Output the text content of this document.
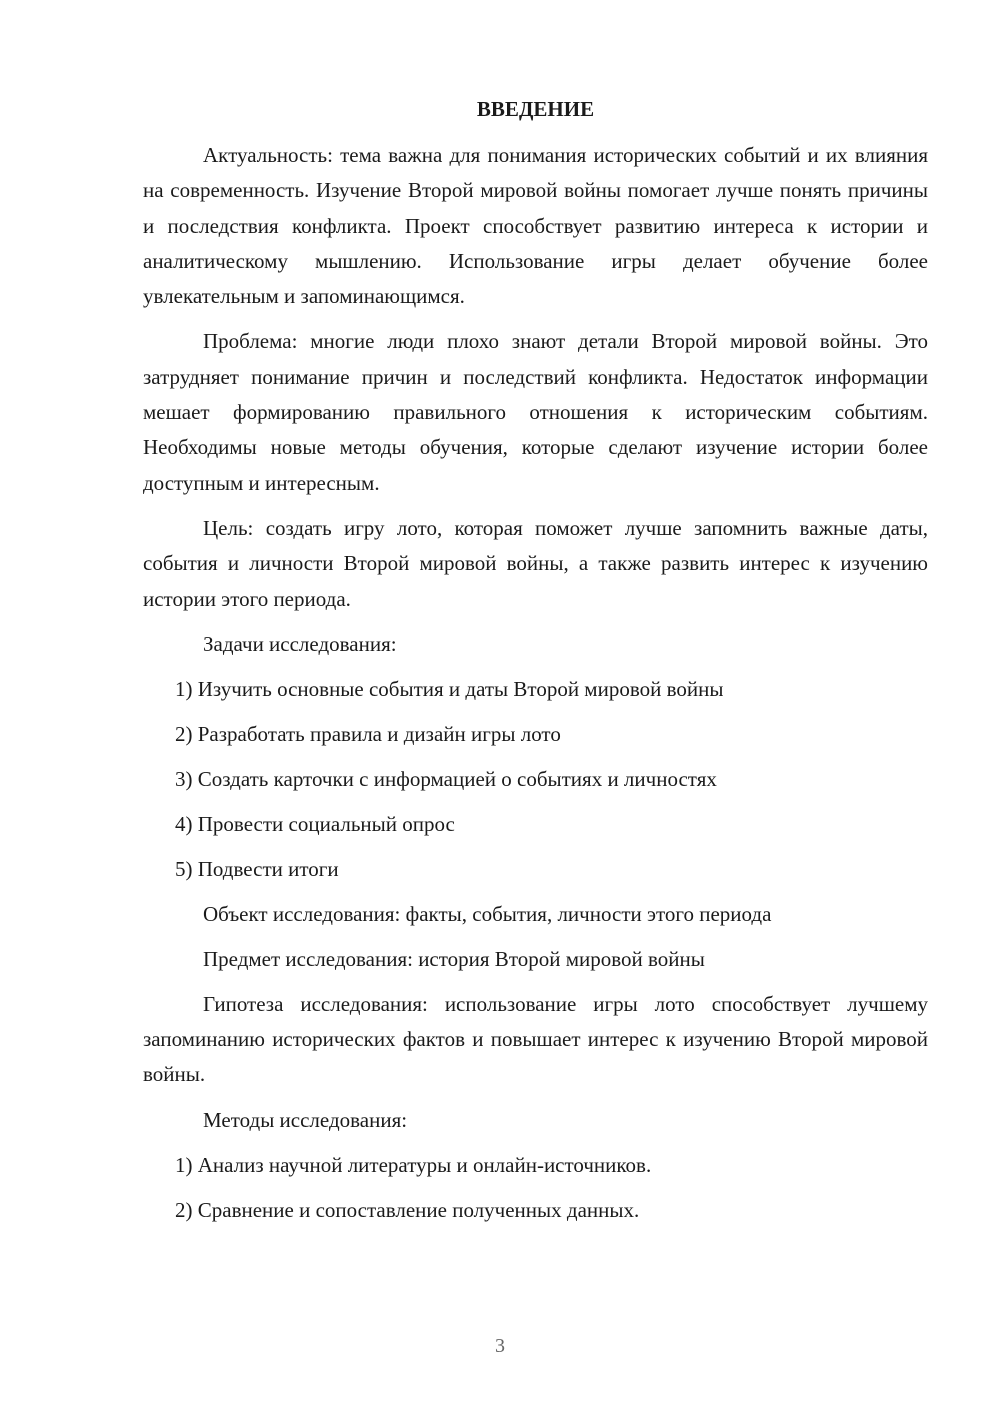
ВВЕДЕНИЕ

Актуальность: тема важна для понимания исторических событий и их влияния на современность. Изучение Второй мировой войны помогает лучше понять причины и последствия конфликта. Проект способствует развитию интереса к истории и аналитическому мышлению. Использование игры делает обучение более увлекательным и запоминающимся.

Проблема: многие люди плохо знают детали Второй мировой войны. Это затрудняет понимание причин и последствий конфликта. Недостаток информации мешает формированию правильного отношения к историческим событиям. Необходимы новые методы обучения, которые сделают изучение истории более доступным и интересным.

Цель: создать игру лото, которая поможет лучше запомнить важные даты, события и личности Второй мировой войны, а также развить интерес к изучению истории этого периода.

Задачи исследования:

1) Изучить основные события и даты Второй мировой войны

2) Разработать правила и дизайн игры лото

3) Создать карточки с информацией о событиях и личностях

4) Провести социальный опрос

5) Подвести итоги

Объект исследования: факты, события, личности этого периода

Предмет исследования: история Второй мировой войны

Гипотеза исследования: использование игры лото способствует лучшему запоминанию исторических фактов и повышает интерес к изучению Второй мировой войны.

Методы исследования:

1) Анализ научной литературы и онлайн-источников.

2) Сравнение и сопоставление полученных данных.

3
